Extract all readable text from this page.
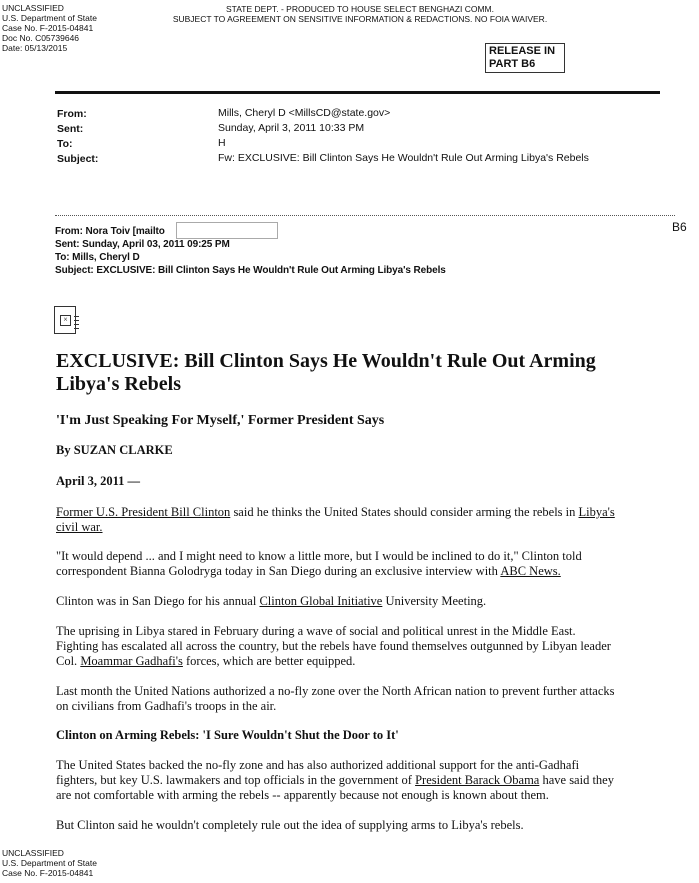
UNCLASSIFIED
U.S. Department of State
Case No. F-2015-04841
Doc No. C05739646
Date: 05/13/2015
STATE DEPT. - PRODUCED TO HOUSE SELECT BENGHAZI COMM.
SUBJECT TO AGREEMENT ON SENSITIVE INFORMATION & REDACTIONS. NO FOIA WAIVER.
RELEASE IN
PART B6
From:	Mills, Cheryl D <MillsCD@state.gov>
Sent:	Sunday, April 3, 2011 10:33 PM
To:	H
Subject:	Fw: EXCLUSIVE: Bill Clinton Says He Wouldn't Rule Out Arming Libya's Rebels
B6
From: Nora Toiv [mailto
Sent: Sunday, April 03, 2011 09:25 PM
To: Mills, Cheryl D
Subject: EXCLUSIVE: Bill Clinton Says He Wouldn't Rule Out Arming Libya's Rebels
×
EXCLUSIVE: Bill Clinton Says He Wouldn't Rule Out Arming
Libya's Rebels
'I'm Just Speaking For Myself,' Former President Says
By SUZAN CLARKE
April 3, 2011 —
Former U.S. President Bill Clinton said he thinks the United States should consider arming the rebels in Libya's
civil war.
"It would depend ... and I might need to know a little more, but I would be inclined to do it," Clinton told
correspondent Bianna Golodryga today in San Diego during an exclusive interview with ABC News.
Clinton was in San Diego for his annual Clinton Global Initiative University Meeting.
The uprising in Libya stared in February during a wave of social and political unrest in the Middle East.
Fighting has escalated all across the country, but the rebels have found themselves outgunned by Libyan leader
Col. Moammar Gadhafi's forces, which are better equipped.
Last month the United Nations authorized a no-fly zone over the North African nation to prevent further attacks
on civilians from Gadhafi's troops in the air.
Clinton on Arming Rebels: 'I Sure Wouldn't Shut the Door to It'
The United States backed the no-fly zone and has also authorized additional support for the anti-Gadhafi
fighters, but key U.S. lawmakers and top officials in the government of President Barack Obama have said they
are not comfortable with arming the rebels -- apparently because not enough is known about them.
But Clinton said he wouldn't completely rule out the idea of supplying arms to Libya's rebels.
UNCLASSIFIED
U.S. Department of State
Case No. F-2015-04841
